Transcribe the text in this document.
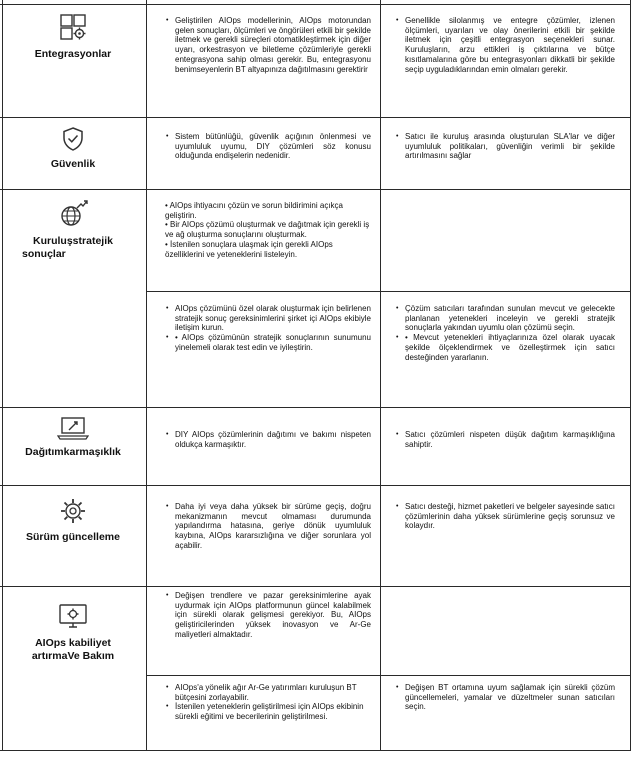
Entegrasyonlar
• Geliştirilen AIOps modellerinin, AIOps motorundan gelen sonuçları, ölçümleri ve öngörüleri etkili bir şekilde iletmek ve gerekli süreçleri otomatikleştirmek için diğer uyarı, orkestrasyon ve biletleme çözümleriyle gerekli entegrasyona sahip olması gerekir. Bu, entegrasyonu benimseyenlerin BT altyapınıza dağıtılmasını gerektirir
• Genellikle silolanmış ve entegre çözümler, izlenen ölçümleri, uyarıları ve olay önerilerini etkili bir şekilde iletmek için çeşitli entegrasyon seçenekleri sunar. Kuruluşların, arzu ettikleri iş çıktılarına ve bütçe kısıtlamalarına göre bu entegrasyonları dikkatli bir şekilde seçip uyguladıklarından emin olmaları gerekir.
Güvenlik
• Sistem bütünlüğü, güvenlik açığının önlenmesi ve uyumluluk uyumu, DIY çözümleri söz konusu olduğunda endişelerin nedenidir.
• Satıcı ile kuruluş arasında oluşturulan SLA'lar ve diğer uyumluluk politikaları, güvenliğin verimli bir şekilde artırılmasını sağlar
Kuruluşstratejik
sonuçlar
• AIOps ihtiyacını çözün ve sorun bildirimini açıkça geliştirin.
• Bir AIOps çözümü oluşturmak ve dağıtmak için gerekli iş ve ağ oluşturma sonuçlarını oluşturmak.
• İstenilen sonuçlara ulaşmak için gerekli AIOps özelliklerini ve yeteneklerini listeleyin.
• AIOps çözümünü özel olarak oluşturmak için belirlenen stratejik sonuç gereksinimlerini şirket içi AIOps ekibiyle iletişim kurun.
• • AIOps çözümünün stratejik sonuçlarının sunumunu yinelemeli olarak test edin ve iyileştirin.
• Çözüm satıcıları tarafından sunulan mevcut ve gelecekte planlanan yetenekleri inceleyin ve gerekli stratejik sonuçlarla yakından uyumlu olan çözümü seçin.
• • Mevcut yetenekleri ihtiyaçlarınıza özel olarak uyacak şekilde ölçeklendirmek ve özelleştirmek için satıcı desteğinden yararlanın.
Dağıtımkarmaşıklık
• DIY AIOps çözümlerinin dağıtımı ve bakımı nispeten oldukça karmaşıktır.
• Satıcı çözümleri nispeten düşük dağıtım karmaşıklığına sahiptir.
Sürüm güncelleme
• Daha iyi veya daha yüksek bir sürüme geçiş, doğru mekanizmanın mevcut olmaması durumunda yapılandırma hatasına, geriye dönük uyumluluk kaybına, AIOps kararsızlığına ve diğer sorunlara yol açabilir.
• Satıcı desteği, hizmet paketleri ve belgeler sayesinde satıcı çözümlerinin daha yüksek sürümlerine geçiş sorunsuz ve kolaydır.
AIOps kabiliyet
artırmaVe Bakım
• Değişen trendlere ve pazar gereksinimlerine ayak uydurmak için AIOps platformunun güncel kalabilmek için sürekli olarak gelişmesi gerekiyor. Bu, AIOps geliştiricilerinden yüksek inovasyon ve Ar-Ge maliyetleri almaktadır.
• AIOps'a yönelik ağır Ar-Ge yatırımları kuruluşun BT bütçesini zorlayabilir.
• İstenilen yeteneklerin geliştirilmesi için AIOps ekibinin sürekli eğitimi ve becerilerinin geliştirilmesi.
• Değişen BT ortamına uyum sağlamak için sürekli çözüm güncellemeleri, yamalar ve düzeltmeler sunan satıcıları seçin.
